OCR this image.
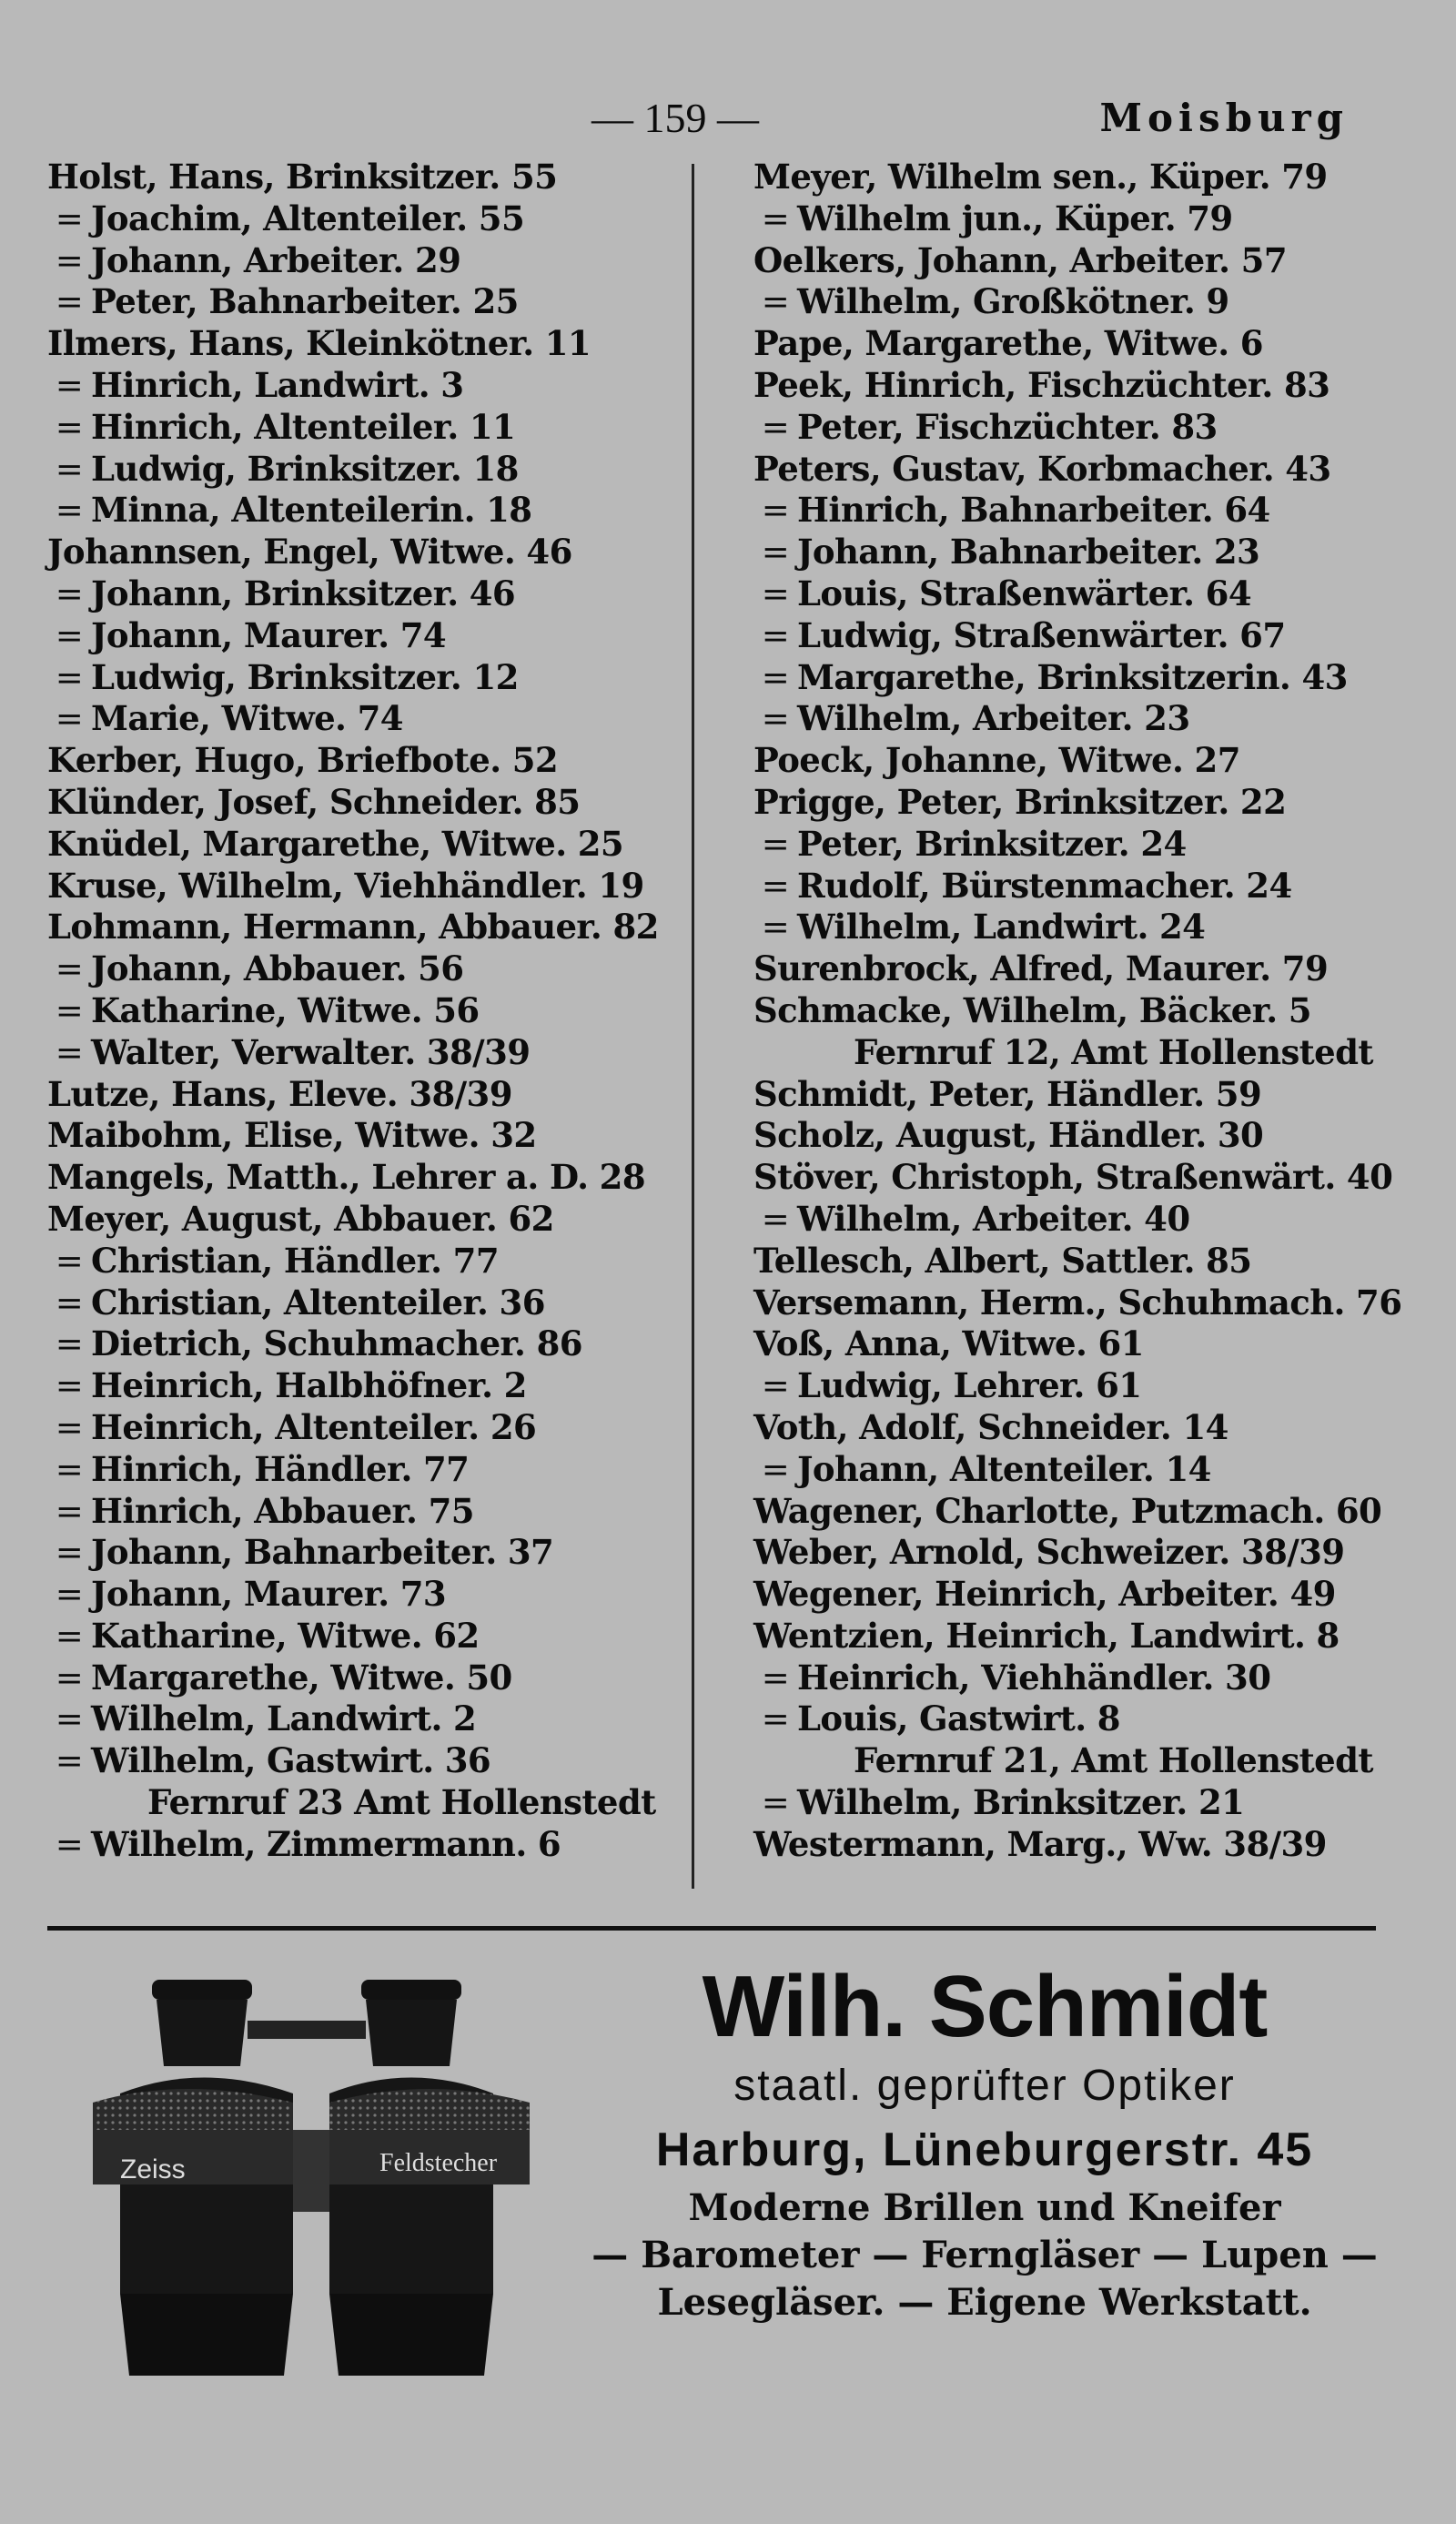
— 159 —	Moisburg
Holst, Hans, Brinksitzer. 55
= Joachim, Altenteiler. 55
= Johann, Arbeiter. 29
= Peter, Bahnarbeiter. 25
Ilmers, Hans, Kleinkötner. 11
= Hinrich, Landwirt. 3
= Hinrich, Altenteiler. 11
= Ludwig, Brinksitzer. 18
= Minna, Altenteilerin. 18
Johannsen, Engel, Witwe. 46
= Johann, Brinksitzer. 46
= Johann, Maurer. 74
= Ludwig, Brinksitzer. 12
= Marie, Witwe. 74
Kerber, Hugo, Briefbote. 52
Klünder, Josef, Schneider. 85
Knüdel, Margarethe, Witwe. 25
Kruse, Wilhelm, Viehhändler. 19
Lohmann, Hermann, Abbauer. 82
= Johann, Abbauer. 56
= Katharine, Witwe. 56
= Walter, Verwalter. 38/39
Lutze, Hans, Eleve. 38/39
Maibohm, Elise, Witwe. 32
Mangels, Matth., Lehrer a. D. 28
Meyer, August, Abbauer. 62
= Christian, Händler. 77
= Christian, Altenteiler. 36
= Dietrich, Schuhmacher. 86
= Heinrich, Halbhöfner. 2
= Heinrich, Altenteiler. 26
= Hinrich, Händler. 77
= Hinrich, Abbauer. 75
= Johann, Bahnarbeiter. 37
= Johann, Maurer. 73
= Katharine, Witwe. 62
= Margarethe, Witwe. 50
= Wilhelm, Landwirt. 2
= Wilhelm, Gastwirt. 36
Fernruf 23 Amt Hollenstedt
= Wilhelm, Zimmermann. 6
Meyer, Wilhelm sen., Küper. 79
= Wilhelm jun., Küper. 79
Oelkers, Johann, Arbeiter. 57
= Wilhelm, Großkötner. 9
Pape, Margarethe, Witwe. 6
Peek, Hinrich, Fischzüchter. 83
= Peter, Fischzüchter. 83
Peters, Gustav, Korbmacher. 43
= Hinrich, Bahnarbeiter. 64
= Johann, Bahnarbeiter. 23
= Louis, Straßenwärter. 64
= Ludwig, Straßenwärter. 67
= Margarethe, Brinksitzerin. 43
= Wilhelm, Arbeiter. 23
Poeck, Johanne, Witwe. 27
Prigge, Peter, Brinksitzer. 22
= Peter, Brinksitzer. 24
= Rudolf, Bürstenmacher. 24
= Wilhelm, Landwirt. 24
Surenbrock, Alfred, Maurer. 79
Schmacke, Wilhelm, Bäcker. 5
Fernruf 12, Amt Hollenstedt
Schmidt, Peter, Händler. 59
Scholz, August, Händler. 30
Stöver, Christoph, Straßenwärt. 40
= Wilhelm, Arbeiter. 40
Tellesch, Albert, Sattler. 85
Versemann, Herm., Schuhmach. 76
Voß, Anna, Witwe. 61
= Ludwig, Lehrer. 61
Voth, Adolf, Schneider. 14
= Johann, Altenteiler. 14
Wagener, Charlotte, Putzmach. 60
Weber, Arnold, Schweizer. 38/39
Wegener, Heinrich, Arbeiter. 49
Wentzien, Heinrich, Landwirt. 8
= Heinrich, Viehhändler. 30
= Louis, Gastwirt. 8
Fernruf 21, Amt Hollenstedt
= Wilhelm, Brinksitzer. 21
Westermann, Marg., Ww. 38/39
Zeiss	Feldstecher
Wilh. Schmidt
staatl. geprüfter Optiker
Harburg, Lüneburgerstr. 45
Moderne Brillen und Kneifer
— Barometer — Ferngläser — Lupen —
Lesegläser. — Eigene Werkstatt.
